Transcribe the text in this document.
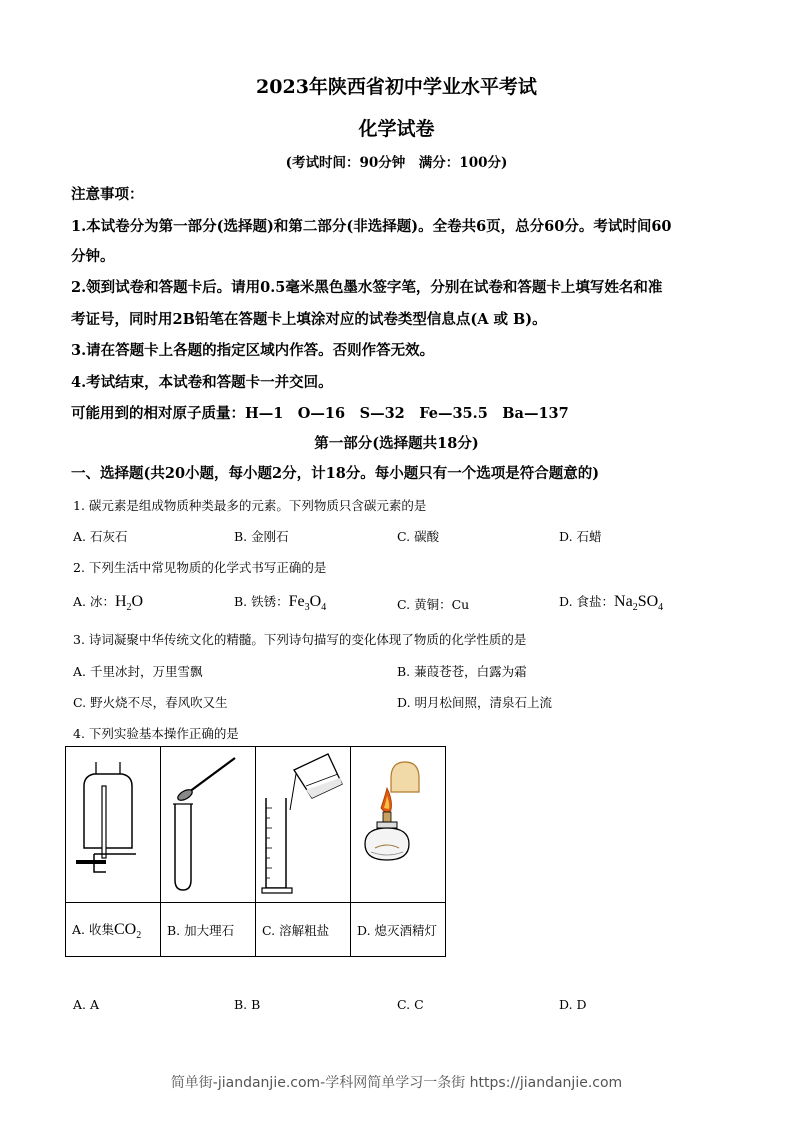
2023年陕西省初中学业水平考试
化学试卷
(考试时间：90分钟　满分：100分)
注意事项：
1.本试卷分为第一部分(选择题)和第二部分(非选择题)。全卷共6页，总分60分。考试时间60
分钟。
2.领到试卷和答题卡后。请用0.5毫米黑色墨水签字笔，分别在试卷和答题卡上填写姓名和准
考证号，同时用2B铅笔在答题卡上填涂对应的试卷类型信息点(A 或 B)。
3.请在答题卡上各题的指定区域内作答。否则作答无效。
4.考试结束，本试卷和答题卡一并交回。
可能用到的相对原子质量：H—1　O—16　S—32　Fe—35.5　Ba—137
第一部分(选择题共18分)
一、选择题(共20小题，每小题2分，计18分。每小题只有一个选项是符合题意的)
1. 碳元素是组成物质种类最多的元素。下列物质只含碳元素的是
A. 石灰石	B. 金刚石	C. 碳酸	D. 石蜡
2. 下列生活中常见物质的化学式书写正确的是
A. 冰：$H_2O$	B. 铁锈：$Fe_3O_4$	C. 黄铜：Cu	D. 食盐：$Na_2SO_4$
3. 诗词凝聚中华传统文化的精髓。下列诗句描写的变化体现了物质的化学性质的是
A. 千里冰封，万里雪飘	B. 蒹葭苍苍，白露为霜
C. 野火烧不尽，春风吹又生	D. 明月松间照，清泉石上流
4. 下列实验基本操作正确的是

A. 收集$CO_2$	B. 加大理石	C. 溶解粗盐	D. 熄灭酒精灯
A. A	B. B	C. C	D. D
简单街-jiandanjie.com-学科网简单学习一条街 https://jiandanjie.com
